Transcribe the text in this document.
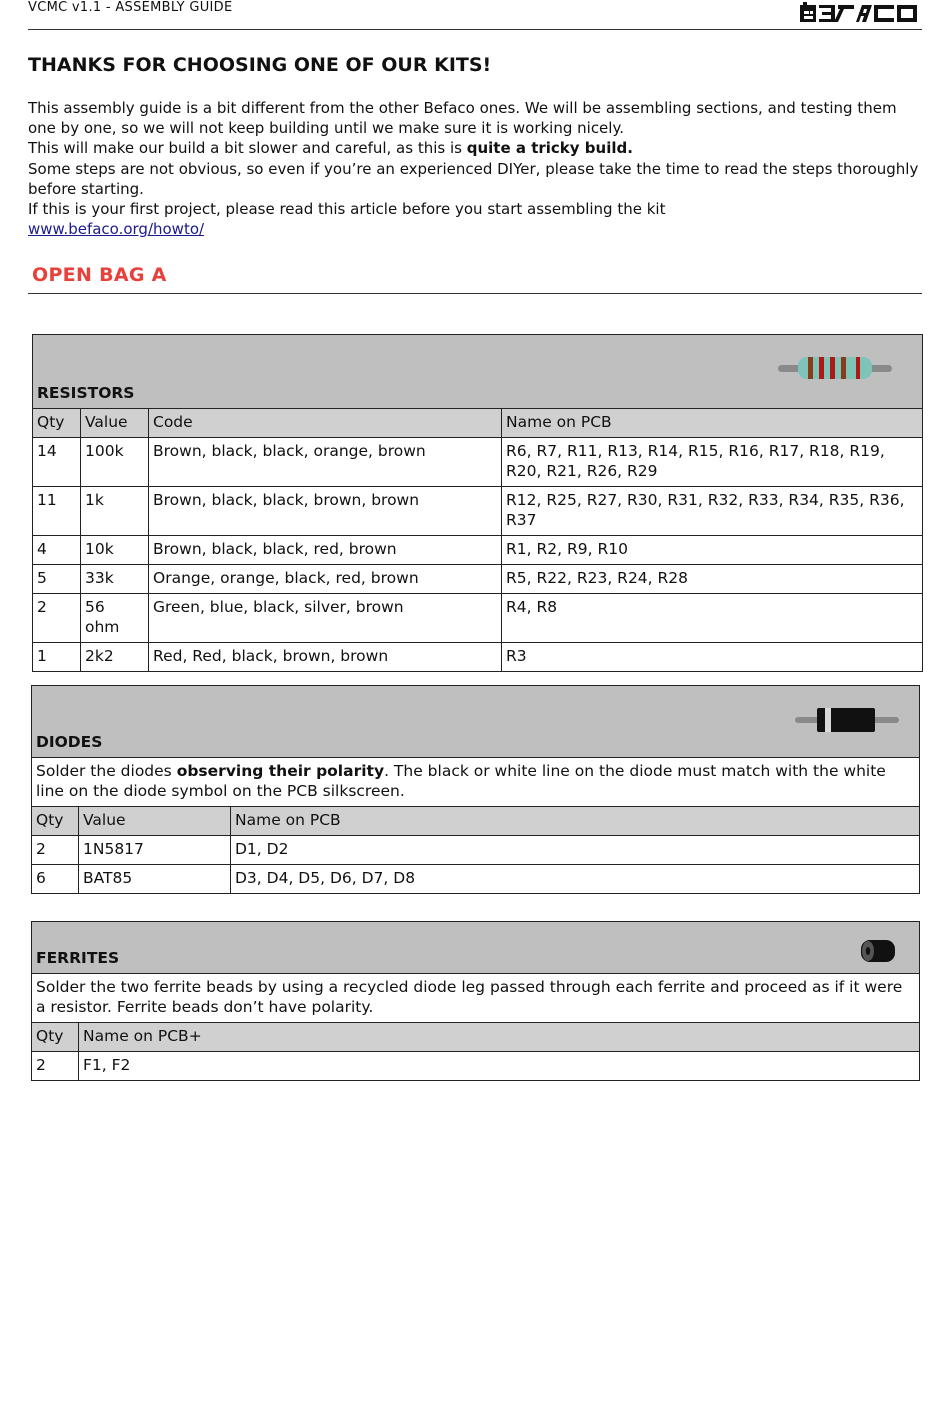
VCMC v1.1 - ASSEMBLY GUIDE
THANKS FOR CHOOSING ONE OF OUR KITS!

This assembly guide is a bit different from the other Befaco ones. We will be assembling sections, and testing them one by one, so we will not keep building until we make sure it is working nicely.

This will make our build a bit slower and careful, as this is quite a tricky build.

Some steps are not obvious, so even if you’re an experienced DIYer, please take the time to read the steps thoroughly before starting.

If this is your first project, please read this article before you start assembling the kit

www.befaco.org/howto/

OPEN BAG A
RESISTORS			

Qty	Value	Code	Name on PCB
14	100k	Brown, black, black, orange, brown	R6, R7, R11, R13, R14, R15, R16, R17, R18, R19, R20, R21, R26, R29
11	1k	Brown, black, black, brown, brown	R12, R25, R27, R30, R31, R32, R33, R34, R35, R36, R37
4	10k	Brown, black, black, red, brown	R1, R2, R9, R10
5	33k	Orange, orange, black, red, brown	R5, R22, R23, R24, R28
2	56 ohm	Green, blue, black, silver, brown	R4, R8
1	2k2	Red, Red, black, brown, brown	R3
DIODES		

Solder the diodes observing their polarity. The black or white line on the diode must match with the white line on the diode symbol on the PCB silkscreen.		
Qty	Value	Name on PCB
2	1N5817	D1, D2
6	BAT85	D3, D4, D5, D6, D7, D8
FERRITES	

Solder the two ferrite beads by using a recycled diode leg passed through each ferrite and proceed as if it were a resistor. Ferrite beads don’t have polarity.	
Qty	Name on PCB+
2	F1, F2
